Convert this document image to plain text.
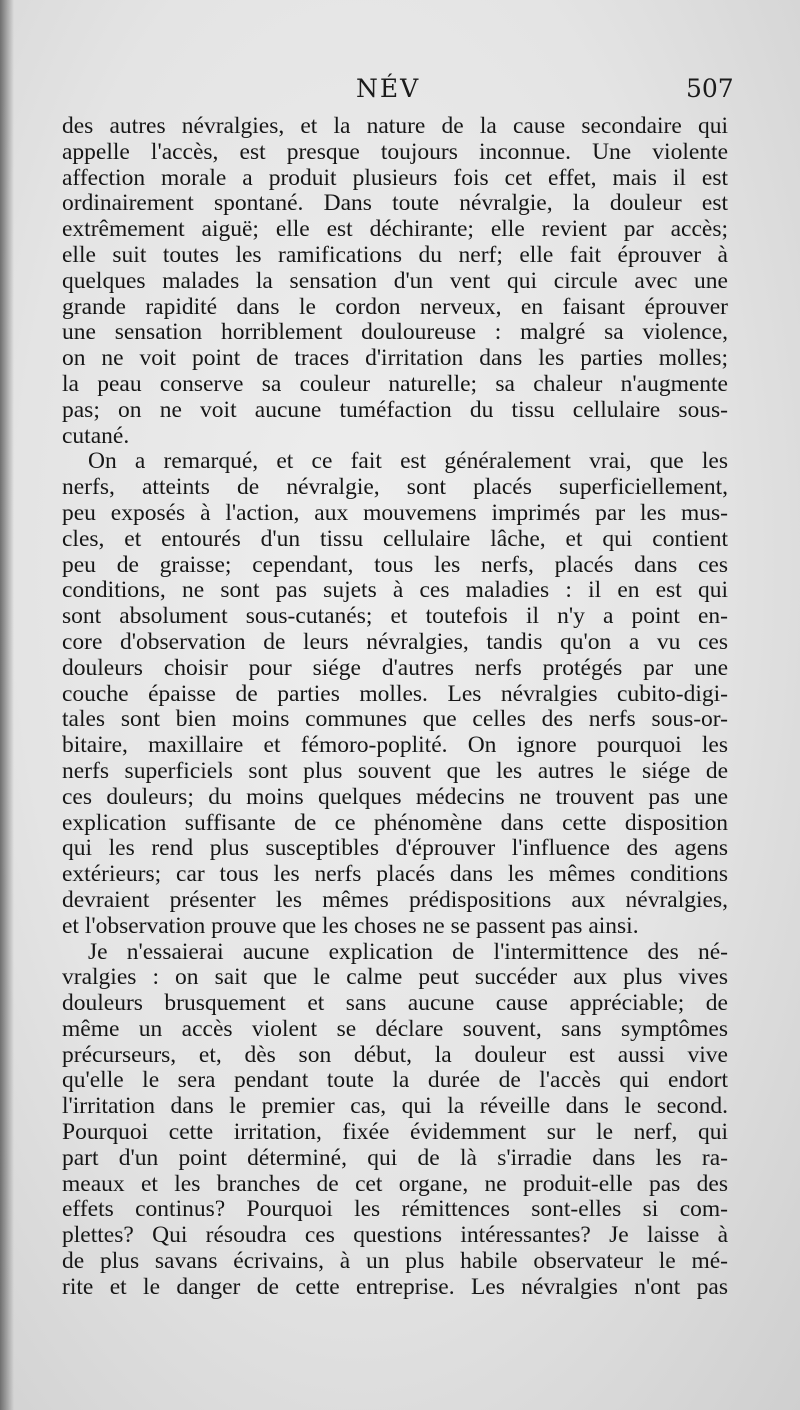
NÉV	507

des autres névralgies, et la nature de la cause secondaire qui
appelle l'accès, est presque toujours inconnue. Une violente
affection morale a produit plusieurs fois cet effet, mais il est
ordinairement spontané. Dans toute névralgie, la douleur est
extrêmement aiguë; elle est déchirante; elle revient par accès;
elle suit toutes les ramifications du nerf; elle fait éprouver à
quelques malades la sensation d'un vent qui circule avec une
grande rapidité dans le cordon nerveux, en faisant éprouver
une sensation horriblement douloureuse : malgré sa violence,
on ne voit point de traces d'irritation dans les parties molles;
la peau conserve sa couleur naturelle; sa chaleur n'augmente
pas; on ne voit aucune tuméfaction du tissu cellulaire sous-
cutané.

On a remarqué, et ce fait est généralement vrai, que les
nerfs, atteints de névralgie, sont placés superficiellement,
peu exposés à l'action, aux mouvemens imprimés par les mus-
cles, et entourés d'un tissu cellulaire lâche, et qui contient
peu de graisse; cependant, tous les nerfs, placés dans ces
conditions, ne sont pas sujets à ces maladies : il en est qui
sont absolument sous-cutanés; et toutefois il n'y a point en-
core d'observation de leurs névralgies, tandis qu'on a vu ces
douleurs choisir pour siége d'autres nerfs protégés par une
couche épaisse de parties molles. Les névralgies cubito-digi-
tales sont bien moins communes que celles des nerfs sous-or-
bitaire, maxillaire et fémoro-poplité. On ignore pourquoi les
nerfs superficiels sont plus souvent que les autres le siége de
ces douleurs; du moins quelques médecins ne trouvent pas une
explication suffisante de ce phénomène dans cette disposition
qui les rend plus susceptibles d'éprouver l'influence des agens
extérieurs; car tous les nerfs placés dans les mêmes conditions
devraient présenter les mêmes prédispositions aux névralgies,
et l'observation prouve que les choses ne se passent pas ainsi.

Je n'essaierai aucune explication de l'intermittence des né-
vralgies : on sait que le calme peut succéder aux plus vives
douleurs brusquement et sans aucune cause appréciable; de
même un accès violent se déclare souvent, sans symptômes
précurseurs, et, dès son début, la douleur est aussi vive
qu'elle le sera pendant toute la durée de l'accès qui endort
l'irritation dans le premier cas, qui la réveille dans le second.
Pourquoi cette irritation, fixée évidemment sur le nerf, qui
part d'un point déterminé, qui de là s'irradie dans les ra-
meaux et les branches de cet organe, ne produit-elle pas des
effets continus? Pourquoi les rémittences sont-elles si com-
plettes? Qui résoudra ces questions intéressantes? Je laisse à
de plus savans écrivains, à un plus habile observateur le mé-
rite et le danger de cette entreprise. Les névralgies n'ont pas
